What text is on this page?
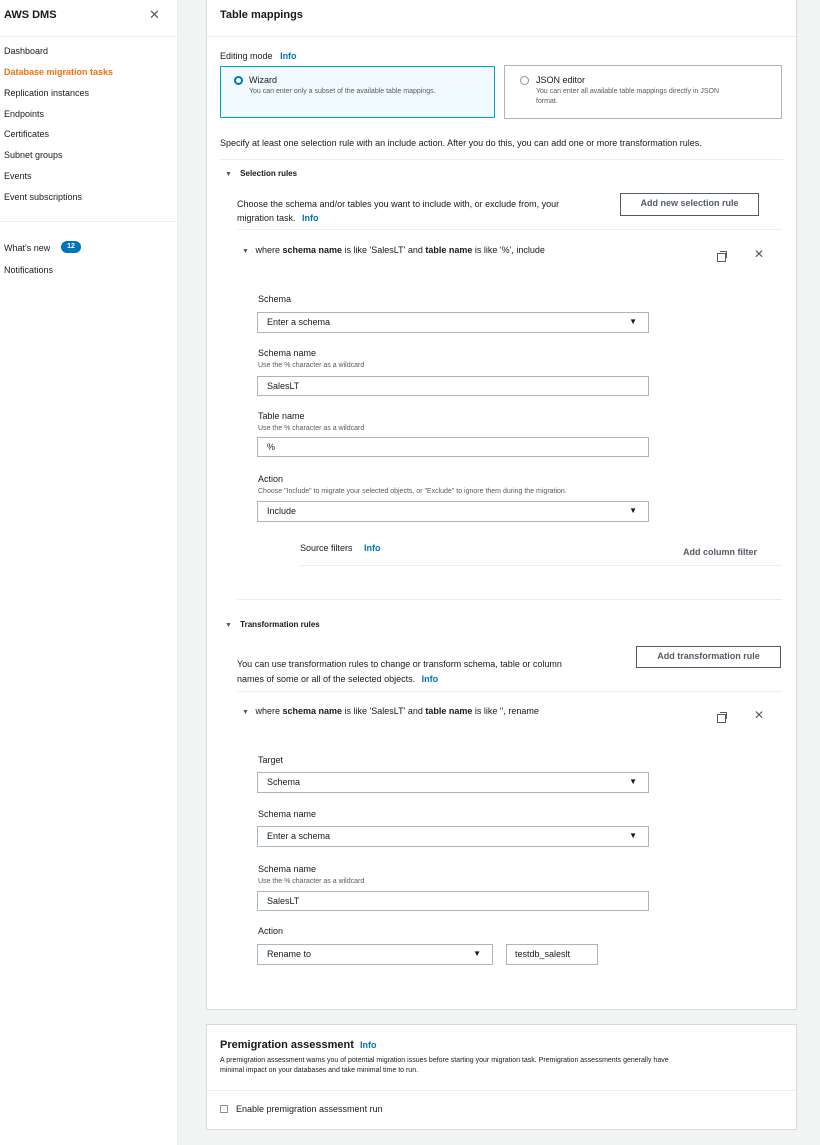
AWS DMS	✕
Dashboard
Database migration tasks
Replication instances
Endpoints
Certificates
Subnet groups
Events
Event subscriptions
What's new	12
Notifications
Table mappings
Editing mode Info
Wizard
You can enter only a subset of the available table mappings.
JSON editor
You can enter all available table mappings directly in JSON
format.
Specify at least one selection rule with an include action. After you do this, you can add one or more transformation rules.
▼ Selection rules
Choose the schema and/or tables you want to include with, or exclude from, your
migration task. Info
Add new selection rule
▼ where schema name is like 'SalesLT' and table name is like '%', include	✕
Schema
Enter a schema	▼
Schema name
Use the % character as a wildcard
SalesLT
Table name
Use the % character as a wildcard
%
Action
Choose "Include" to migrate your selected objects, or "Exclude" to ignore them during the migration.
Include	▼
Source filters Info	Add column filter
▼ Transformation rules
Add transformation rule
You can use transformation rules to change or transform schema, table or column
names of some or all of the selected objects. Info
▼ where schema name is like 'SalesLT' and table name is like '', rename	✕
Target
Schema	▼
Schema name
Enter a schema	▼
Schema name
Use the % character as a wildcard
SalesLT
Action
Rename to	▼	testdb_saleslt
Premigration assessment Info
A premigration assessment warns you of potential migration issues before starting your migration task. Premigration assessments generally have
minimal impact on your databases and take minimal time to run.
Enable premigration assessment run
